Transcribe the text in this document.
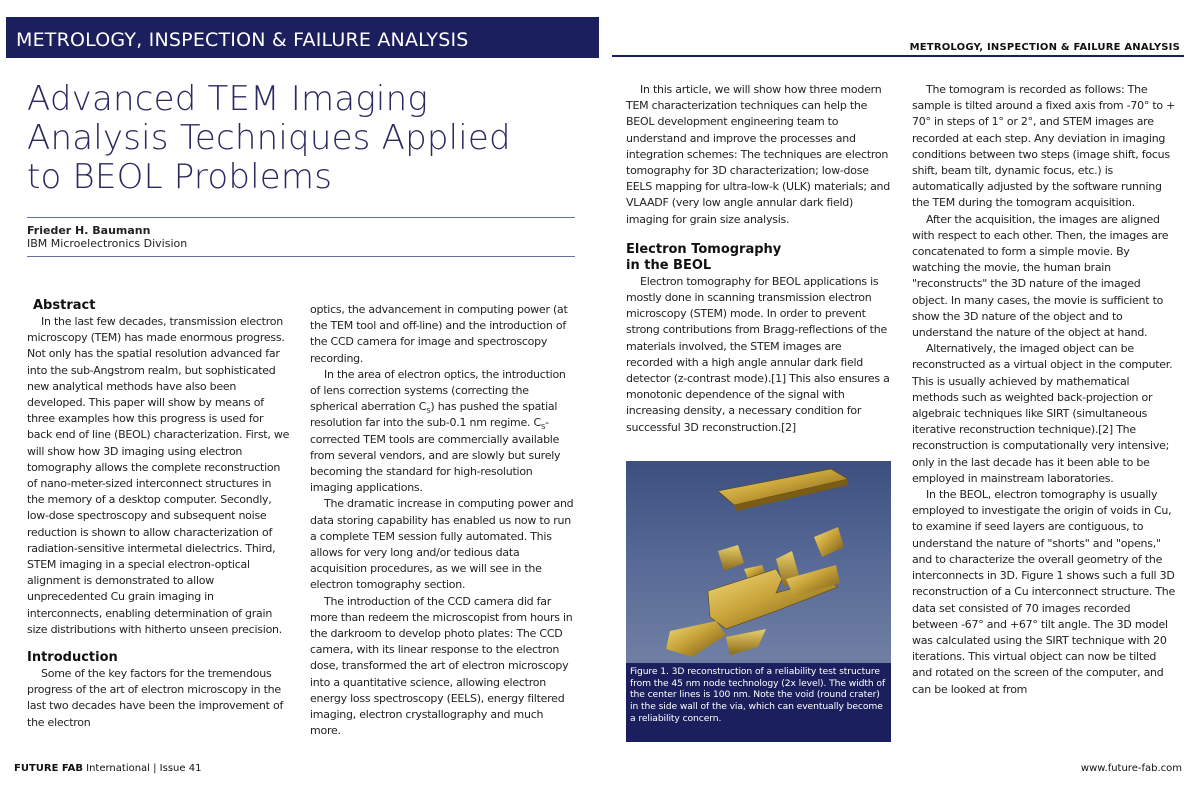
METROLOGY, INSPECTION & FAILURE ANALYSIS	METROLOGY, INSPECTION & FAILURE ANALYSIS
Advanced TEM Imaging
Analysis Techniques Applied
to BEOL Problems
Frieder H. Baumann
IBM Microelectronics Division
Abstract

In the last few decades, transmission electron microscopy (TEM) has made enormous progress. Not only has the spatial resolution advanced far into the sub-Angstrom realm, but sophisticated new analytical methods have also been developed. This paper will show by means of three examples how this progress is used for back end of line (BEOL) characterization. First, we will show how 3D imaging using electron tomography allows the complete reconstruction of nano-meter-sized interconnect structures in the memory of a desktop computer. Secondly, low-dose spectroscopy and subsequent noise reduction is shown to allow characterization of radiation-sensitive intermetal dielectrics. Third, STEM imaging in a special electron-optical alignment is demonstrated to allow unprecedented Cu grain imaging in interconnects, enabling determination of grain size distributions with hitherto unseen precision.

Introduction

Some of the key factors for the tremendous progress of the art of electron microscopy in the last two decades have been the improvement of the electron

optics, the advancement in computing power (at the TEM tool and off-line) and the introduction of the CCD camera for image and spectroscopy recording.

In the area of electron optics, the introduction of lens correction systems (correcting the spherical aberration $C_S$) has pushed the spatial resolution far into the sub-0.1 nm regime. $C_S$-corrected TEM tools are commercially available from several vendors, and are slowly but surely becoming the standard for high-resolution imaging applications.

The dramatic increase in computing power and data storing capability has enabled us now to run a complete TEM session fully automated. This allows for very long and/or tedious data acquisition procedures, as we will see in the electron tomography section.

The introduction of the CCD camera did far more than redeem the microscopist from hours in the darkroom to develop photo plates: The CCD camera, with its linear response to the electron dose, transformed the art of electron microscopy into a quantitative science, allowing electron energy loss spectroscopy (EELS), energy filtered imaging, electron crystallography and much more.

In this article, we will show how three modern TEM characterization techniques can help the BEOL development engineering team to understand and improve the processes and integration schemes: The techniques are electron tomography for 3D characterization; low-dose EELS mapping for ultra-low-k (ULK) materials; and VLAADF (very low angle annular dark field) imaging for grain size analysis.

Electron Tomography
in the BEOL

Electron tomography for BEOL applications is mostly done in scanning transmission electron microscopy (STEM) mode. In order to prevent strong contributions from Bragg-reflections of the materials involved, the STEM images are recorded with a high angle annular dark field detector (z-contrast mode).[1] This also ensures a monotonic dependence of the signal with increasing density, a necessary condition for successful 3D reconstruction.[2]

Figure 1. 3D reconstruction of a reliability test structure from the 45 nm node technology (2x level). The width of the center lines is 100 nm. Note the void (round crater) in the side wall of the via, which can eventually become a reliability concern.

The tomogram is recorded as follows: The sample is tilted around a fixed axis from -70° to + 70° in steps of 1° or 2°, and STEM images are recorded at each step. Any deviation in imaging conditions between two steps (image shift, focus shift, beam tilt, dynamic focus, etc.) is automatically adjusted by the software running the TEM during the tomogram acquisition.

After the acquisition, the images are aligned with respect to each other. Then, the images are concatenated to form a simple movie. By watching the movie, the human brain "reconstructs" the 3D nature of the imaged object. In many cases, the movie is sufficient to show the 3D nature of the object and to understand the nature of the object at hand.

Alternatively, the imaged object can be reconstructed as a virtual object in the computer. This is usually achieved by mathematical methods such as weighted back-projection or algebraic techniques like SIRT (simultaneous iterative reconstruction technique).[2] The reconstruction is computationally very intensive; only in the last decade has it been able to be employed in mainstream laboratories.

In the BEOL, electron tomography is usually employed to investigate the origin of voids in Cu, to examine if seed layers are contiguous, to understand the nature of "shorts" and "opens," and to characterize the overall geometry of the interconnects in 3D. Figure 1 shows such a full 3D reconstruction of a Cu interconnect structure. The data set consisted of 70 images recorded between -67° and +67° tilt angle. The 3D model was calculated using the SIRT technique with 20 iterations. This virtual object can now be tilted and rotated on the screen of the computer, and can be looked at from

FUTURE FAB International | Issue 41	www.future-fab.com
